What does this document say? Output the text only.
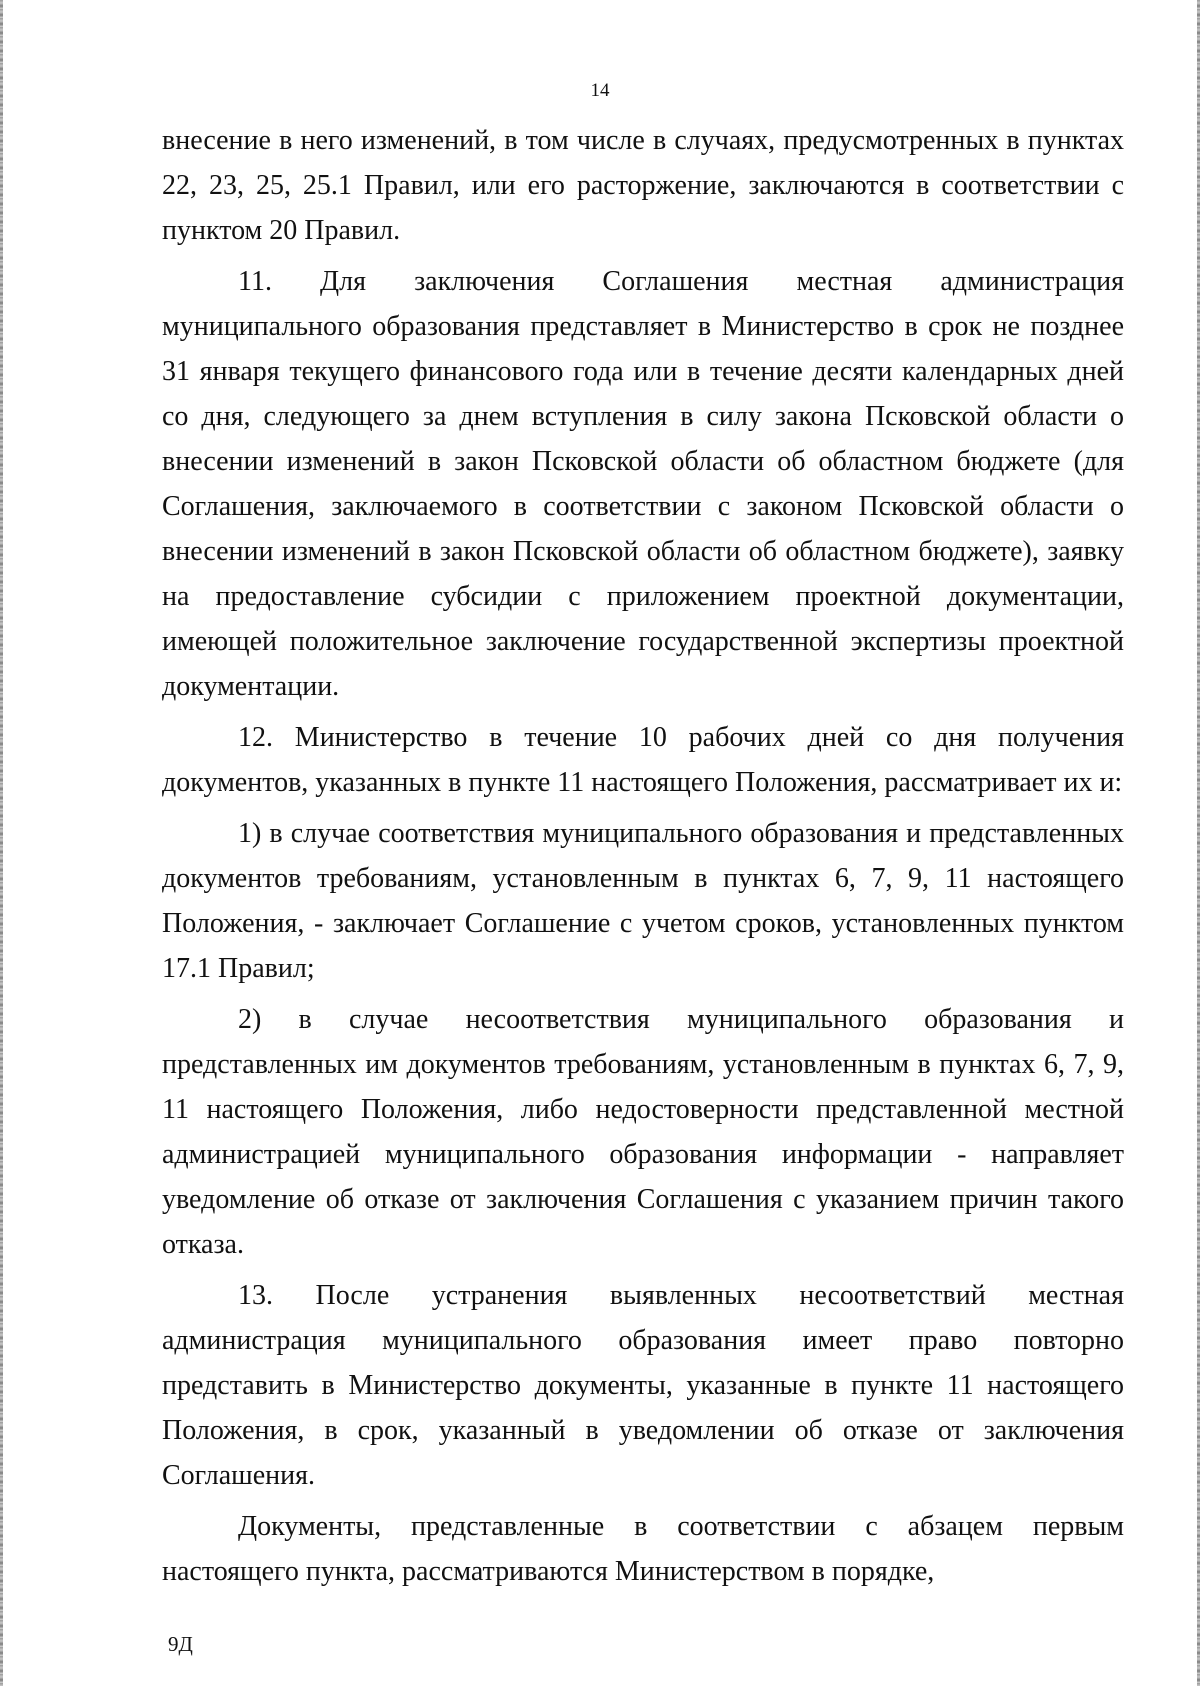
14

внесение в него изменений, в том числе в случаях, предусмотренных в пунктах 22, 23, 25, 25.1 Правил, или его расторжение, заключаются в соответствии с пунктом 20 Правил.

11. Для заключения Соглашения местная администрация муниципального образования представляет в Министерство в срок не позднее 31 января текущего финансового года или в течение десяти календарных дней со дня, следующего за днем вступления в силу закона Псковской области о внесении изменений в закон Псковской области об областном бюджете (для Соглашения, заключаемого в соответствии с законом Псковской области о внесении изменений в закон Псковской области об областном бюджете), заявку на предоставление субсидии с приложением проектной документации, имеющей положительное заключение государственной экспертизы проектной документации.

12. Министерство в течение 10 рабочих дней со дня получения документов, указанных в пункте 11 настоящего Положения, рассматривает их и:

1) в случае соответствия муниципального образования и представленных документов требованиям, установленным в пунктах 6, 7, 9, 11 настоящего Положения, - заключает Соглашение с учетом сроков, установленных пунктом 17.1 Правил;

2) в случае несоответствия муниципального образования и представленных им документов требованиям, установленным в пунктах 6, 7, 9, 11 настоящего Положения, либо недостоверности представленной местной администрацией муниципального образования информации - направляет уведомление об отказе от заключения Соглашения с указанием причин такого отказа.

13. После устранения выявленных несоответствий местная администрация муниципального образования имеет право повторно представить в Министерство документы, указанные в пункте 11 настоящего Положения, в срок, указанный в уведомлении об отказе от заключения Соглашения.

Документы, представленные в соответствии с абзацем первым настоящего пункта, рассматриваются Министерством в порядке,

9Д
